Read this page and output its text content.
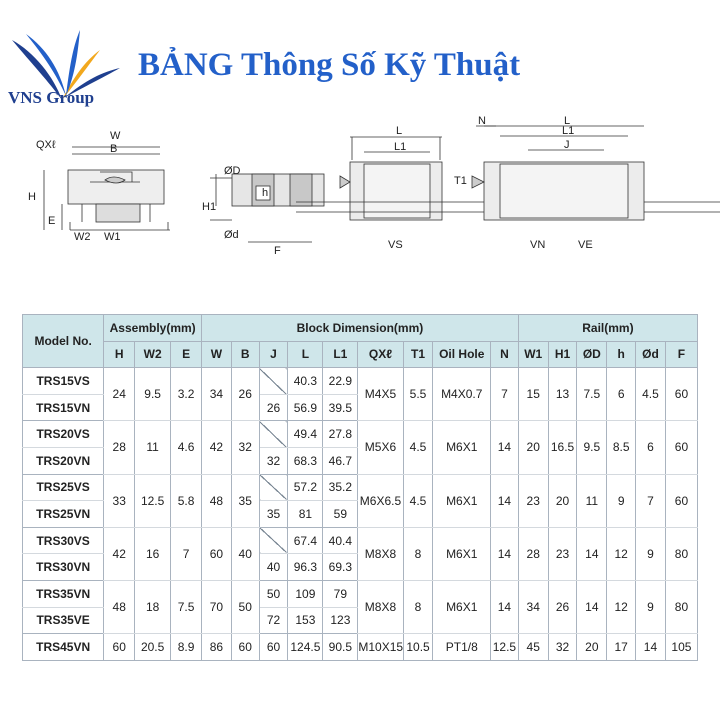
VNS Group
BẢNG Thông Số Kỹ Thuật
QXℓ
W
B
H
E
W2 W1
ØD
H1
h
Ød
F
L
L1
VS
N
T1
L
L1
J
VN	VE
Model No.	Assembly(mm)			Block Dimension(mm)									Rail(mm)					
	H	W2	E	W	B	J	L	L1	QXℓ	T1	Oil Hole	N	W1	H1	ØD	h	Ød	F
TRS15VS	24	9.5	3.2	34	26		40.3	22.9	M4X5	5.5	M4X0.7	7	15	13	7.5	6	4.5	60
TRS15VN						26	56.9	39.5										
TRS20VS	28	11	4.6	42	32		49.4	27.8	M5X6	4.5	M6X1	14	20	16.5	9.5	8.5	6	60
TRS20VN						32	68.3	46.7										
TRS25VS	33	12.5	5.8	48	35		57.2	35.2	M6X6.5	4.5	M6X1	14	23	20	11	9	7	60
TRS25VN						35	81	59										
TRS30VS	42	16	7	60	40		67.4	40.4	M8X8	8	M6X1	14	28	23	14	12	9	80
TRS30VN						40	96.3	69.3										
TRS35VN	48	18	7.5	70	50	50	109	79	M8X8	8	M6X1	14	34	26	14	12	9	80
TRS35VE						72	153	123										
TRS45VN	60	20.5	8.9	86	60	60	124.5	90.5	M10X15	10.5	PT1/8	12.5	45	32	20	17	14	105
